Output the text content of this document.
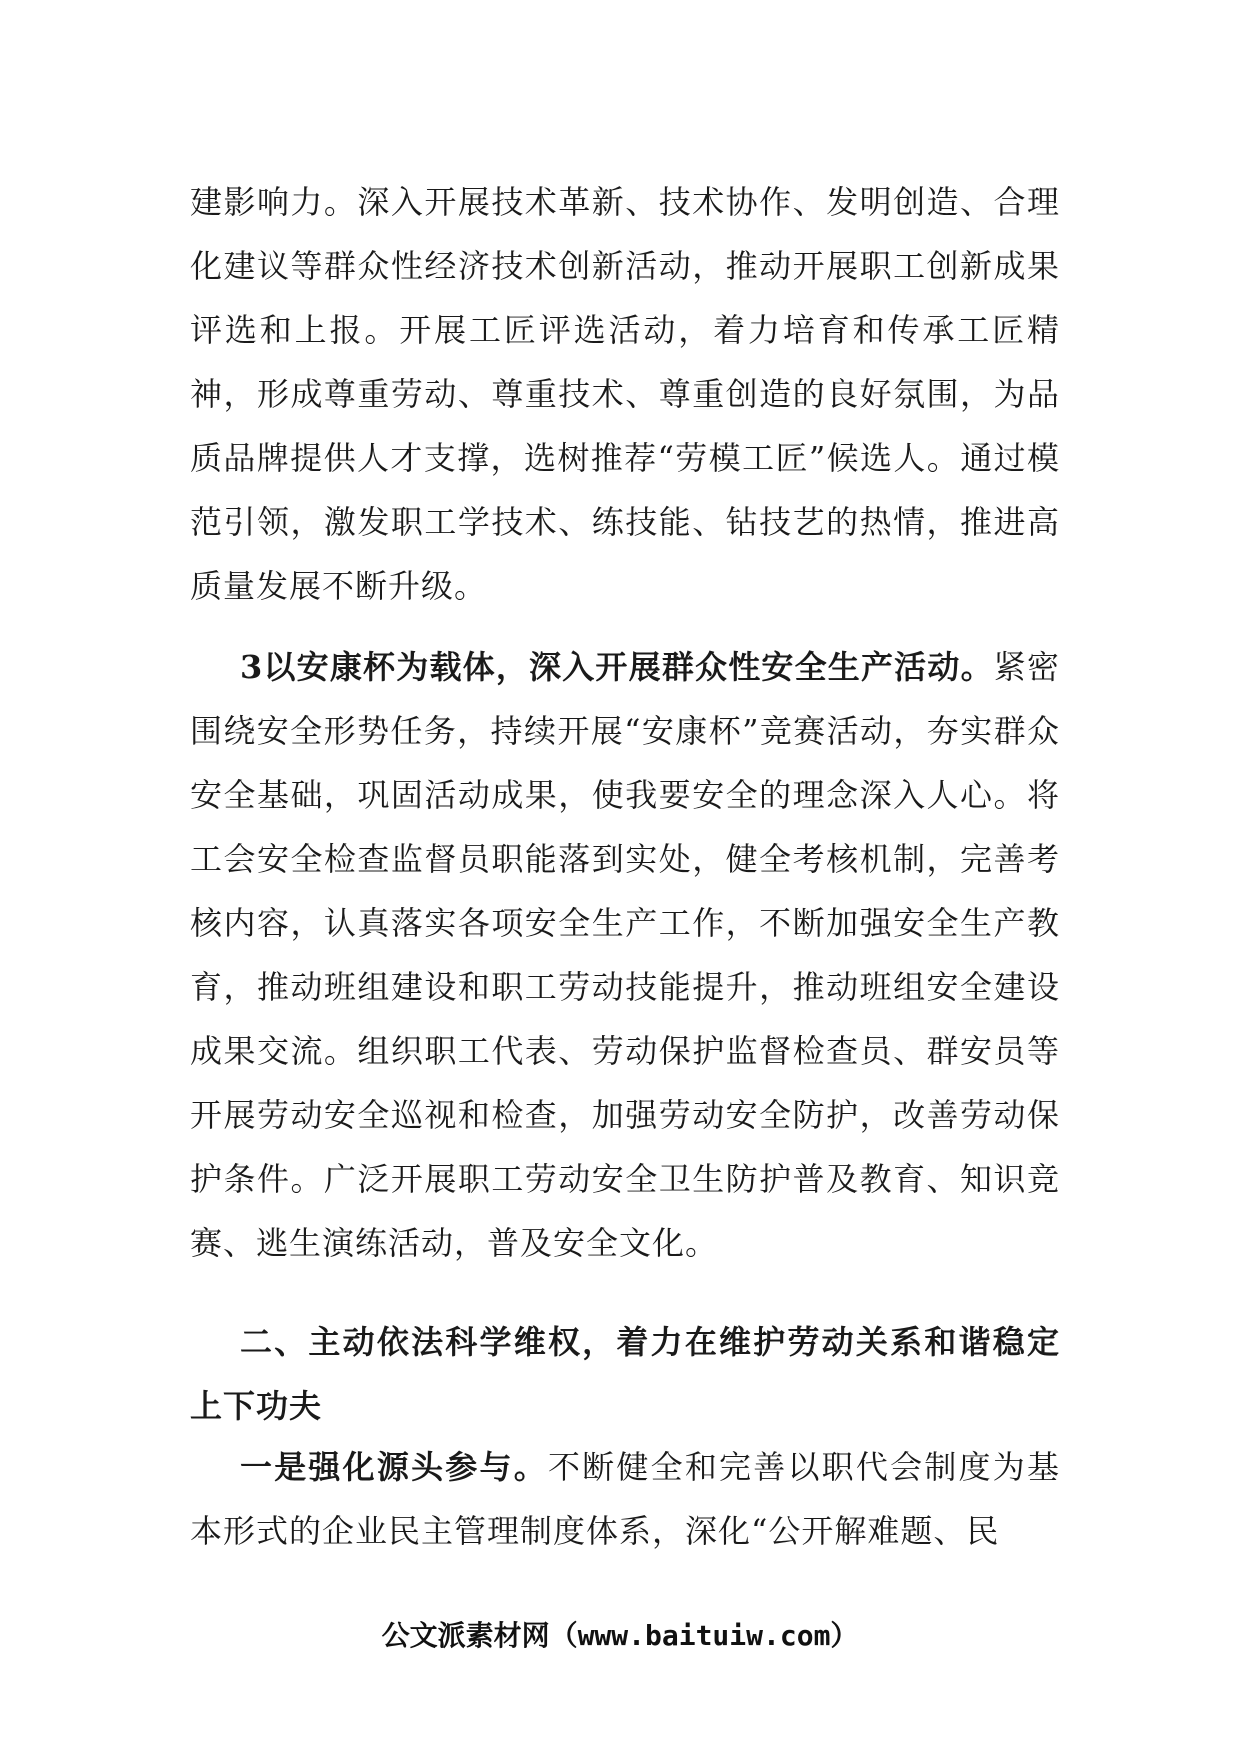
建影响力。深入开展技术革新、技术协作、发明创造、合理化建议等群众性经济技术创新活动，推动开展职工创新成果评选和上报。开展工匠评选活动，着力培育和传承工匠精神，形成尊重劳动、尊重技术、尊重创造的良好氛围，为品质品牌提供人才支撑，选树推荐“劳模工匠”候选人。通过模范引领，激发职工学技术、练技能、钻技艺的热情，推进高质量发展不断升级。

3以安康杯为载体，深入开展群众性安全生产活动。紧密围绕安全形势任务，持续开展“安康杯”竞赛活动，夯实群众安全基础，巩固活动成果，使我要安全的理念深入人心。将工会安全检查监督员职能落到实处，健全考核机制，完善考核内容，认真落实各项安全生产工作，不断加强安全生产教育，推动班组建设和职工劳动技能提升，推动班组安全建设成果交流。组织职工代表、劳动保护监督检查员、群安员等开展劳动安全巡视和检查，加强劳动安全防护，改善劳动保护条件。广泛开展职工劳动安全卫生防护普及教育、知识竞赛、逃生演练活动，普及安全文化。

二、主动依法科学维权，着力在维护劳动关系和谐稳定上下功夫

一是强化源头参与。不断健全和完善以职代会制度为基本形式的企业民主管理制度体系，深化“公开解难题、民

公文派素材网（www.baituiw.com）
